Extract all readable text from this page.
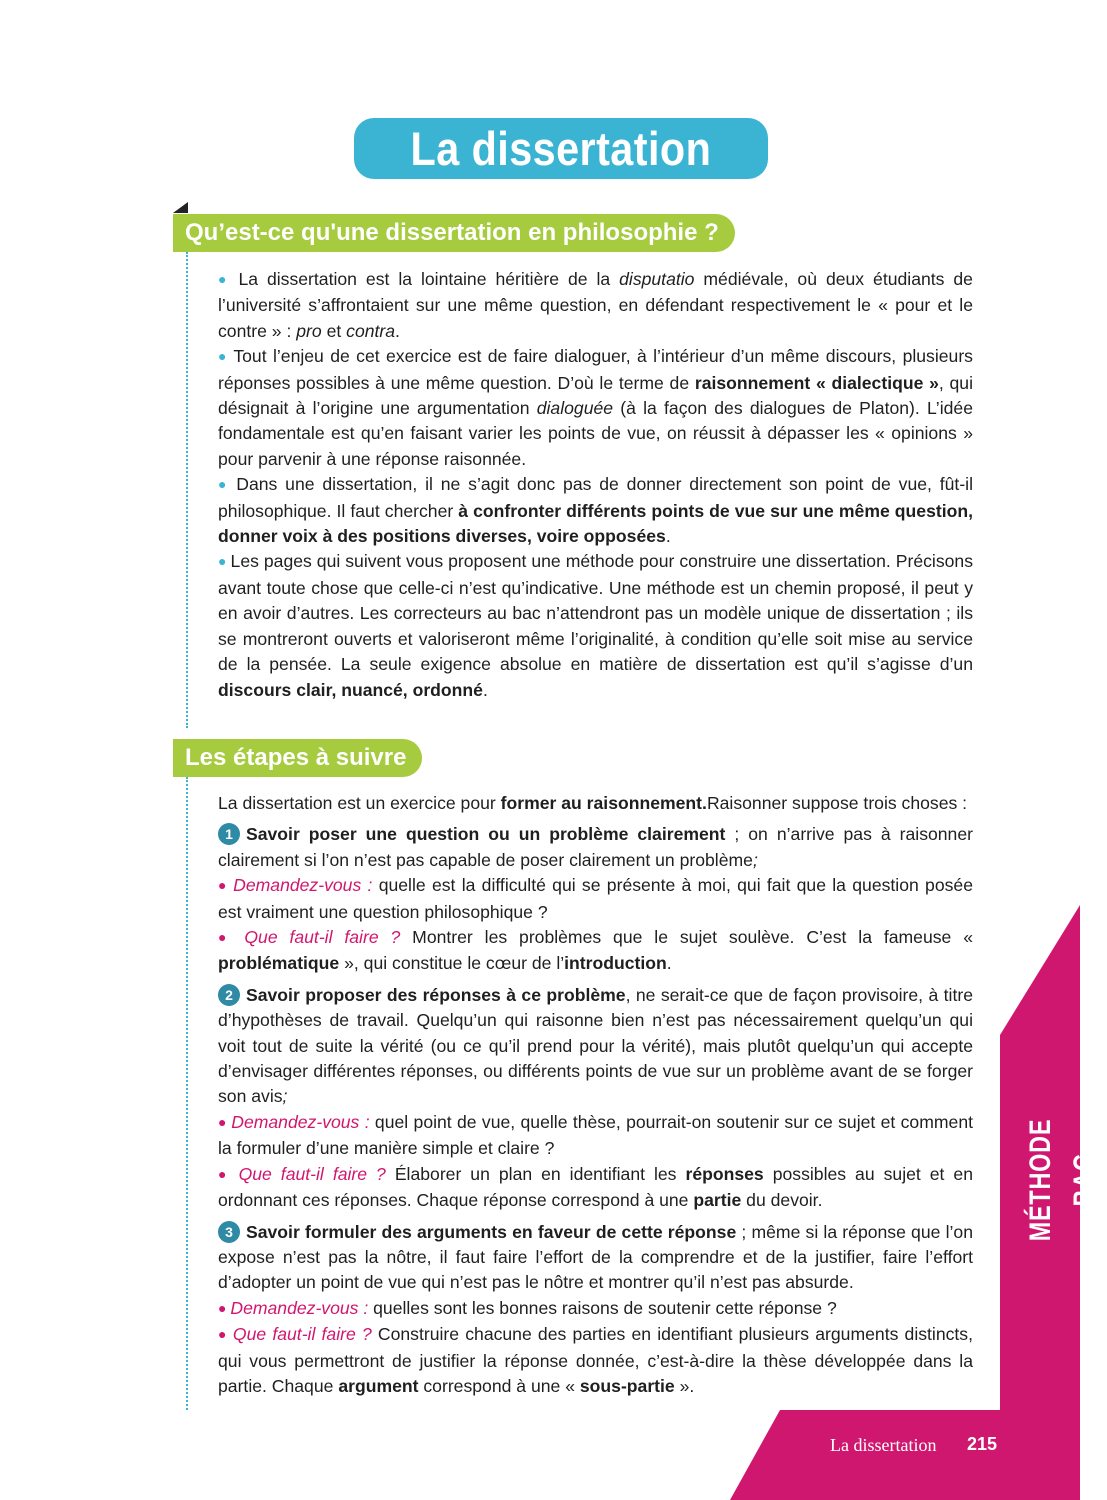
La dissertation
Qu’est-ce qu'une dissertation en philosophie ?

● La dissertation est la lointaine héritière de la disputatio médiévale, où deux étudiants de l’université s’affrontaient sur une même question, en défendant respectivement le « pour et le contre » : pro et contra.

● Tout l’enjeu de cet exercice est de faire dialoguer, à l’intérieur d’un même discours, plusieurs réponses possibles à une même question. D’où le terme de raisonnement « dialectique », qui désignait à l’origine une argumentation dialoguée (à la façon des dialogues de Platon). L’idée fondamentale est qu’en faisant varier les points de vue, on réussit à dépasser les « opinions » pour parvenir à une réponse raisonnée.

● Dans une dissertation, il ne s’agit donc pas de donner directement son point de vue, fût-il philosophique. Il faut chercher à confronter différents points de vue sur une même question, donner voix à des positions diverses, voire opposées.

● Les pages qui suivent vous proposent une méthode pour construire une dissertation. Précisons avant toute chose que celle-ci n’est qu’indicative. Une méthode est un chemin proposé, il peut y en avoir d’autres. Les correcteurs au bac n’attendront pas un modèle unique de dissertation ; ils se montreront ouverts et valoriseront même l’originalité, à condition qu’elle soit mise au service de la pensée. La seule exigence absolue en matière de dissertation est qu’il s’agisse d’un discours clair, nuancé, ordonné.

Les étapes à suivre

La dissertation est un exercice pour former au raisonnement.Raisonner suppose trois choses :

1 Savoir poser une question ou un problème clairement ; on n’arrive pas à raisonner clairement si l’on n’est pas capable de poser clairement un problème;

● Demandez-vous : quelle est la difficulté qui se présente à moi, qui fait que la question posée est vraiment une question philosophique ?

● Que faut-il faire ? Montrer les problèmes que le sujet soulève. C’est la fameuse « problématique », qui constitue le cœur de l’introduction.

2 Savoir proposer des réponses à ce problème, ne serait-ce que de façon provisoire, à titre d’hypothèses de travail. Quelqu’un qui raisonne bien n’est pas nécessairement quelqu’un qui voit tout de suite la vérité (ou ce qu’il prend pour la vérité), mais plutôt quelqu’un qui accepte d’envisager différentes réponses, ou différents points de vue sur un problème avant de se forger son avis;

● Demandez-vous : quel point de vue, quelle thèse, pourrait-on soutenir sur ce sujet et comment la formuler d’une manière simple et claire ?

● Que faut-il faire ? Élaborer un plan en identifiant les réponses possibles au sujet et en ordonnant ces réponses. Chaque réponse correspond à une partie du devoir.

3 Savoir formuler des arguments en faveur de cette réponse ; même si la réponse que l’on expose n’est pas la nôtre, il faut faire l’effort de la comprendre et de la justifier, faire l’effort d’adopter un point de vue qui n’est pas le nôtre et montrer qu’il n’est pas absurde.

● Demandez-vous : quelles sont les bonnes raisons de soutenir cette réponse ?

● Que faut-il faire ? Construire chacune des parties en identifiant plusieurs arguments distincts, qui vous permettront de justifier la réponse donnée, c’est-à-dire la thèse développée dans la partie. Chaque argument correspond à une « sous-partie ».

MÉTHODE BAC
La dissertation 215
